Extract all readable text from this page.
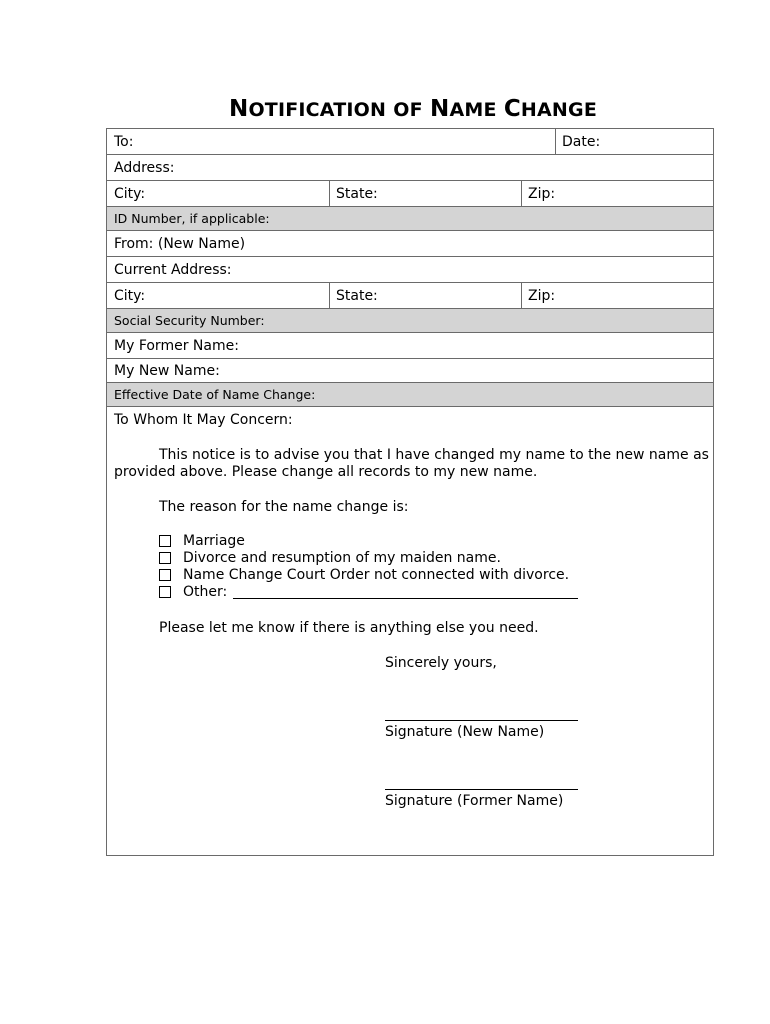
NOTIFICATION OF NAME CHANGE
To:	Date:
Address:
City:	State:	Zip:
ID Number, if applicable:
From: (New Name)
Current Address:
City:	State:	Zip:
Social Security Number:
My Former Name:
My New Name:
Effective Date of Name Change:
To Whom It May Concern:
This notice is to advise you that I have changed my name to the new name as
provided above. Please change all records to my new name.
The reason for the name change is:
Marriage
Divorce and resumption of my maiden name.
Name Change Court Order not connected with divorce.
Other:
Please let me know if there is anything else you need.
Sincerely yours,
Signature (New Name)
Signature (Former Name)
